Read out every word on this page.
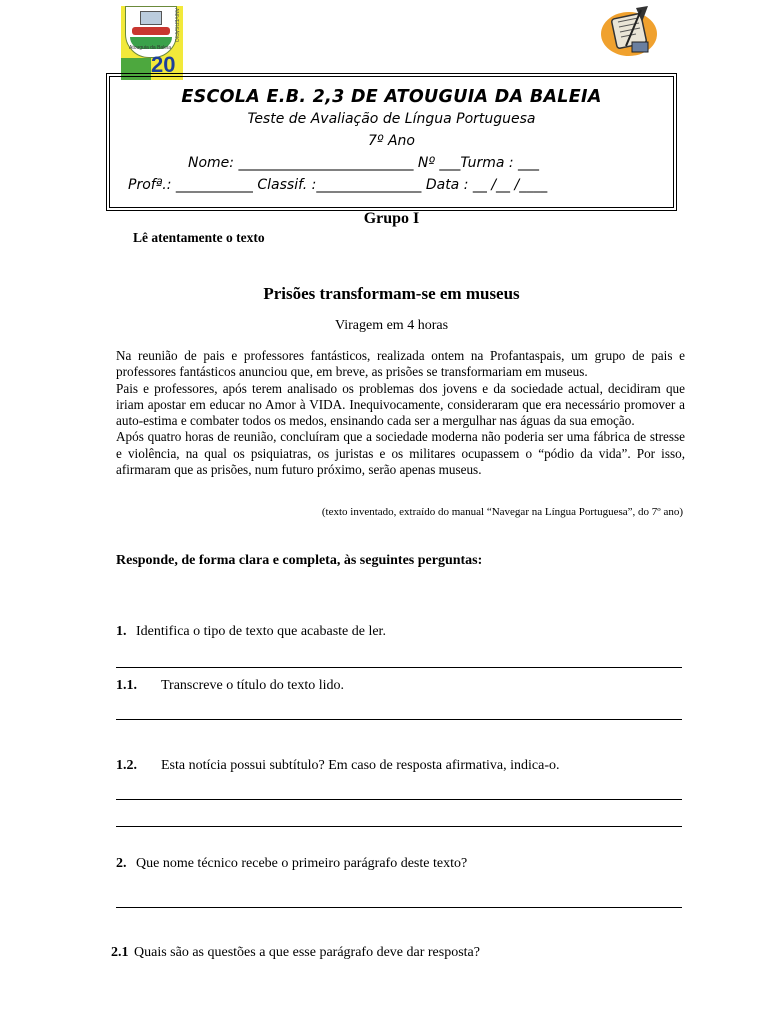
Atouguia da Baleia
ANIVERSÁRIO
20
ESCOLA E.B. 2,3 DE ATOUGUIA DA BALEIA
Teste de Avaliação de Língua Portuguesa
7º Ano
Nome: _________________________ Nº ___Turma : ___
Profª.: ___________ Classif. :_______________ Data : __ /__ /____
Grupo I
Lê atentamente o texto
Prisões transformam-se em museus
Viragem em 4 horas
Na reunião de pais e professores fantásticos, realizada ontem na Profantaspais, um grupo de pais e professores fantásticos anunciou que, em breve, as prisões se transformariam em museus.
Pais e professores, após terem analisado os problemas dos jovens e da sociedade actual, decidiram que iriam apostar em educar no Amor à VIDA. Inequivocamente, consideraram que era necessário promover a auto-estima e combater todos os medos, ensinando cada ser a mergulhar nas águas da sua emoção.
Após quatro horas de reunião, concluíram que a sociedade moderna não poderia ser uma fábrica de stresse e violência, na qual os psiquiatras, os juristas e os militares ocupassem o “pódio da vida”. Por isso, afirmaram que as prisões, num futuro próximo, serão apenas museus.
(texto inventado, extraído do manual “Navegar na Língua Portuguesa”, do 7º ano)
Responde, de forma clara e completa, às seguintes perguntas:
1. Identifica o tipo de texto que acabaste de ler.
1.1. Transcreve o título do texto lido.
1.2. Esta notícia possui subtítulo? Em caso de resposta afirmativa, indica-o.
2. Que nome técnico recebe o primeiro parágrafo deste texto?
2.1 Quais são as questões a que esse parágrafo deve dar resposta?
